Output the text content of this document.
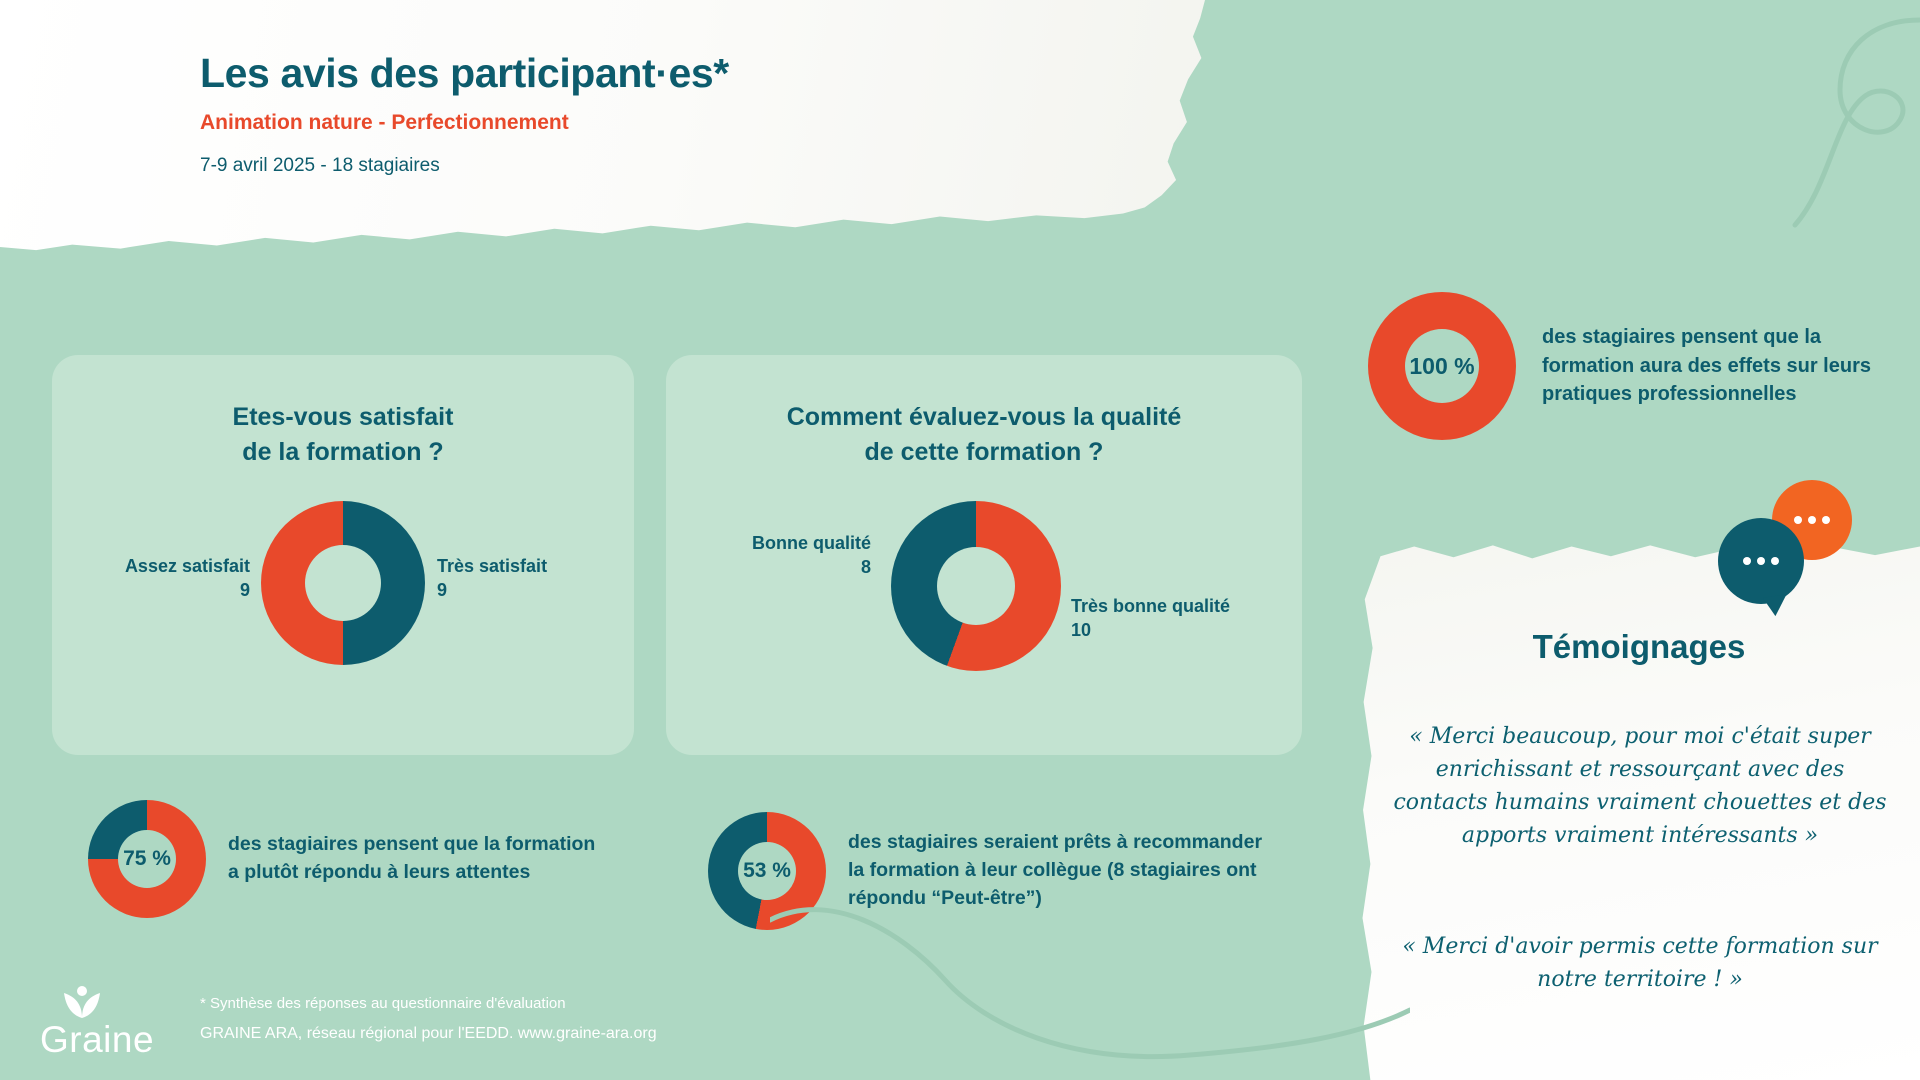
Les avis des participant·es*
Animation nature - Perfectionnement
7-9 avril 2025 - 18 stagiaires
Etes-vous satisfait
de la formation ?
Assez satisfait
9
Très satisfait
9
Comment évaluez-vous la qualité
de cette formation ?
Bonne qualité
8
Très bonne qualité
10
75 %
des stagiaires pensent que la formation a plutôt répondu à leurs attentes	53 %
des stagiaires seraient prêts à recommander la formation à leur collègue (8 stagiaires ont répondu “Peut-être”)
100 %
des stagiaires pensent que la formation aura des effets sur leurs pratiques professionnelles
Témoignages
« Merci beaucoup, pour moi c'était super enrichissant et ressourçant avec des contacts humains vraiment chouettes et des apports vraiment intéressants »
« Merci d'avoir permis cette formation sur notre territoire ! »
Graine
* Synthèse des réponses au questionnaire d'évaluation
GRAINE ARA, réseau régional pour l'EEDD. www.graine-ara.org
